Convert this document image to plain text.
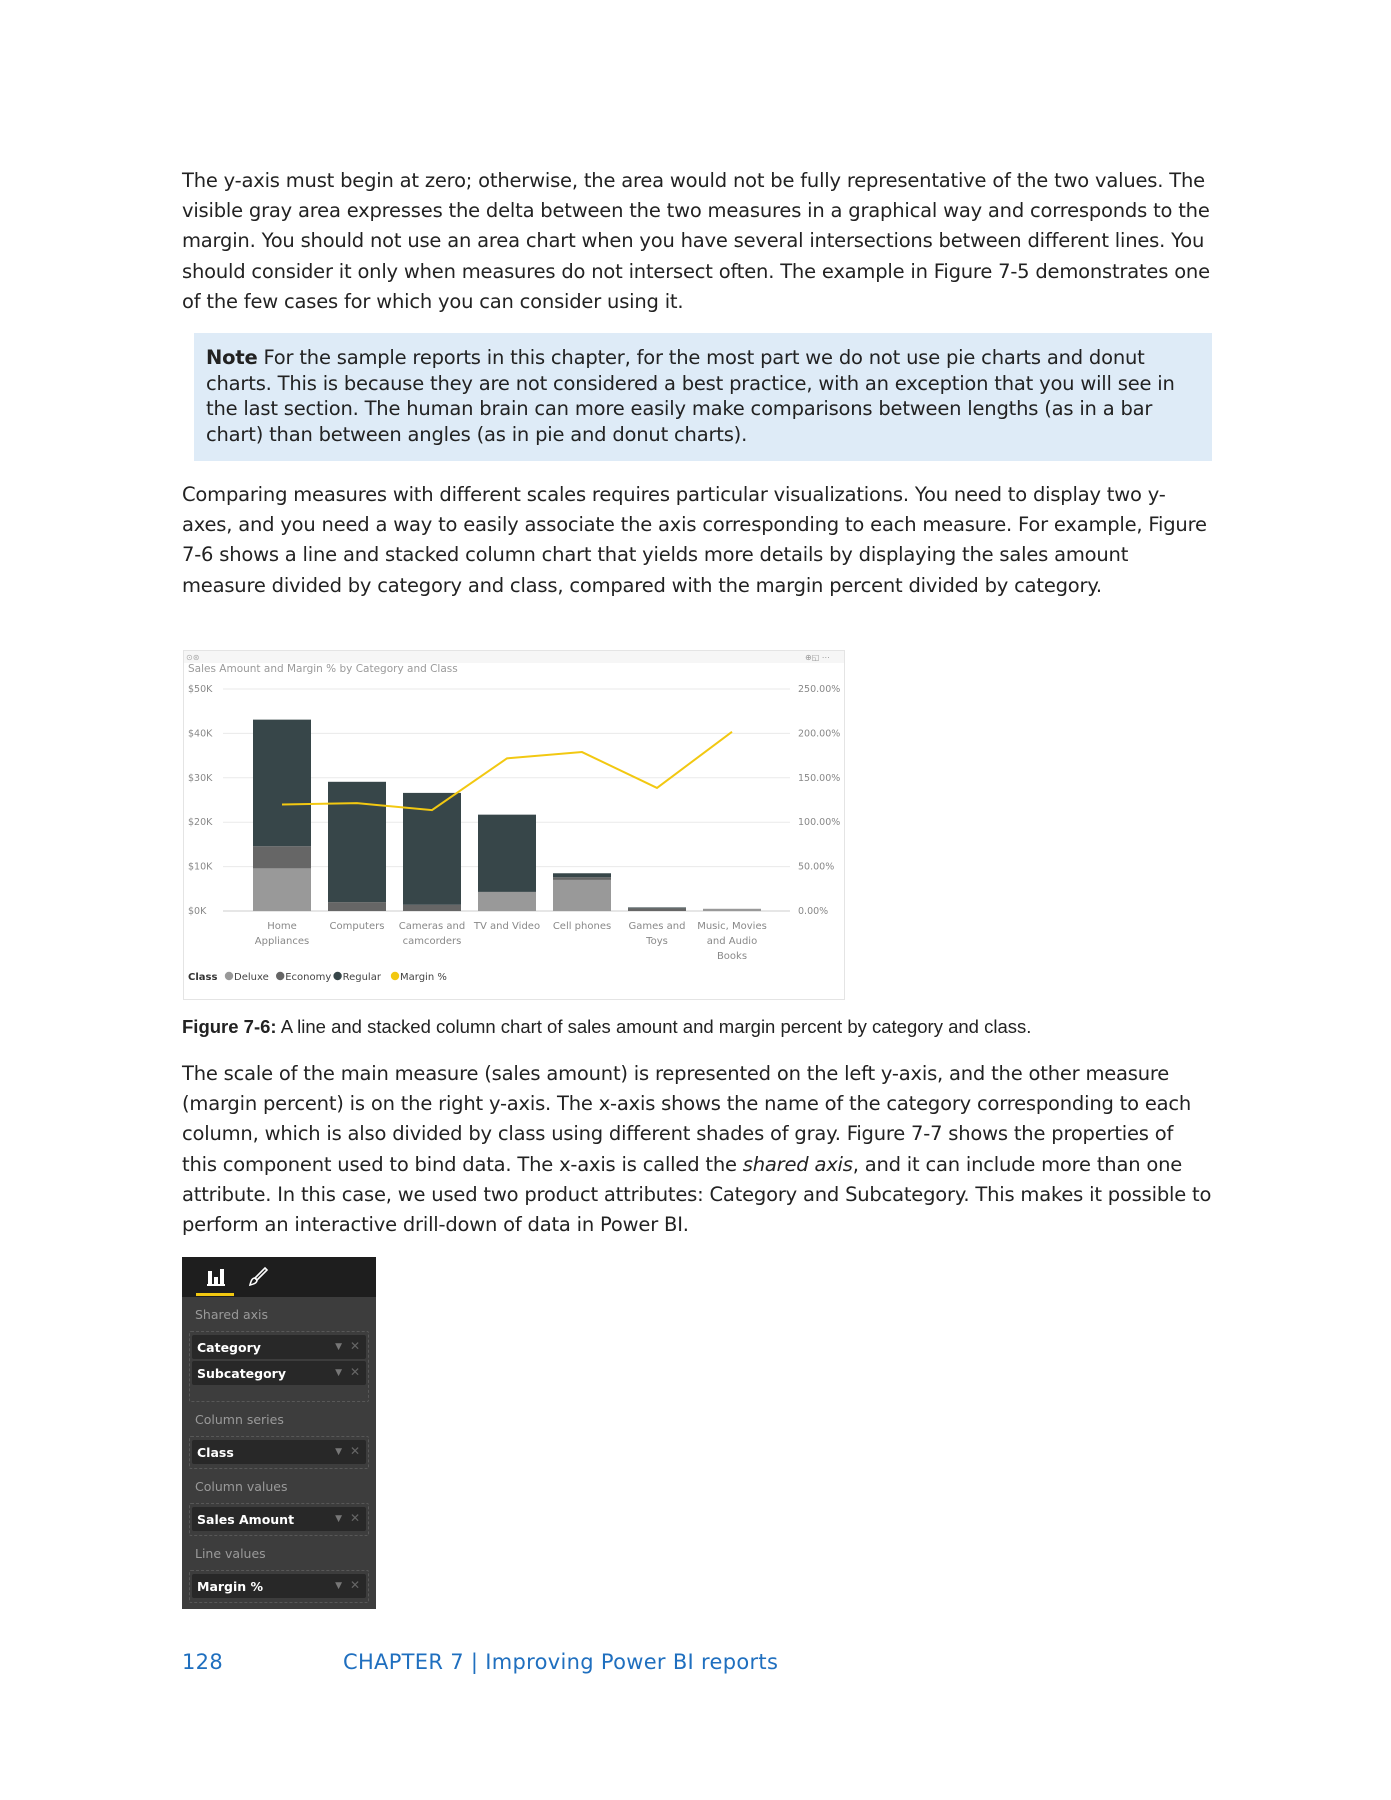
The y-axis must begin at zero; otherwise, the area would not be fully representative of the two values. The visible gray area expresses the delta between the two measures in a graphical way and corresponds to the margin. You should not use an area chart when you have several intersections between different lines. You should consider it only when measures do not intersect often. The example in Figure 7-5 demonstrates one of the few cases for which you can consider using it.
Note For the sample reports in this chapter, for the most part we do not use pie charts and donut charts. This is because they are not considered a best practice, with an exception that you will see in the last section. The human brain can more easily make comparisons between lengths (as in a bar chart) than between angles (as in pie and donut charts).
Comparing measures with different scales requires particular visualizations. You need to display two y-axes, and you need a way to easily associate the axis corresponding to each measure. For example, Figure 7-6 shows a line and stacked column chart that yields more details by displaying the sales amount measure divided by category and class, compared with the margin percent divided by category.
⊙⊛	⊕◱ ⋯
Sales Amount and Margin % by Category and Class
$0K	0.00%
$10K	50.00%
$20K	100.00%
$30K	150.00%
$40K	200.00%
$50K	250.00%
Home
Appliances
Computers Cameras and
camcorders
TV and Video Cell phones Games and
Toys
Music, Movies
and Audio
Books
Class Deluxe Economy Regular Margin %
Figure 7-6: A line and stacked column chart of sales amount and margin percent by category and class.
The scale of the main measure (sales amount) is represented on the left y-axis, and the other measure (margin percent) is on the right y-axis. The x-axis shows the name of the category corresponding to each column, which is also divided by class using different shades of gray. Figure 7-7 shows the properties of this component used to bind data. The x-axis is called the shared axis, and it can include more than one attribute. In this case, we used two product attributes: Category and Subcategory. This makes it possible to perform an interactive drill-down of data in Power BI.
Shared axis
Category	▼ ✕
Subcategory	▼ ✕
Column series
Class	▼ ✕
Column values
Sales Amount	▼ ✕
Line values
Margin %	▼ ✕
128	CHAPTER 7 | Improving Power BI reports
